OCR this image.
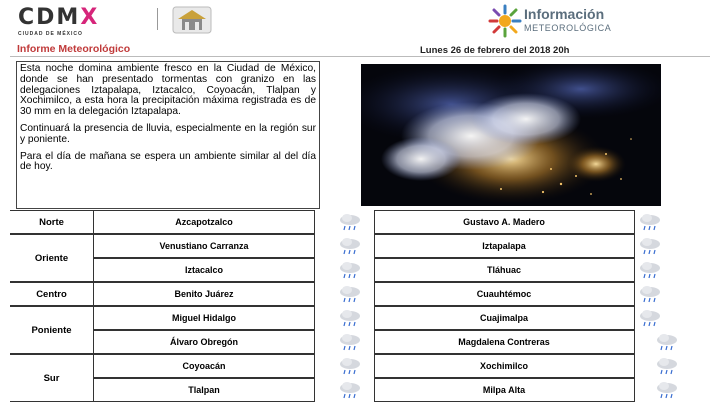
CDMX
CIUDAD DE MÉXICO
Información
METEOROLÓGICA
Informe Meteorológico	Lunes 26 de febrero del 2018 20h

Esta noche domina ambiente fresco en la Ciudad de México, donde se han presentado tormentas con granizo en las delegaciones Iztapalapa, Iztacalco, Coyoacán, Tlalpan y Xochimilco, a esta hora la precipitación máxima registrada es de 30 mm en la delegación Iztapalapa.

Continuará la presencia de lluvia, especialmente en la región sur y poniente.

Para el día de mañana se espera un ambiente similar al del día de hoy.

Norte
Oriente
Centro
Poniente
Sur
Azcapotzalco
Venustiano Carranza
Iztacalco
Benito Juárez
Miguel Hidalgo
Álvaro Obregón
Coyoacán
Tlalpan
Gustavo A. Madero
Iztapalapa
Tláhuac
Cuauhtémoc
Cuajimalpa
Magdalena Contreras
Xochimilco
Milpa Alta
